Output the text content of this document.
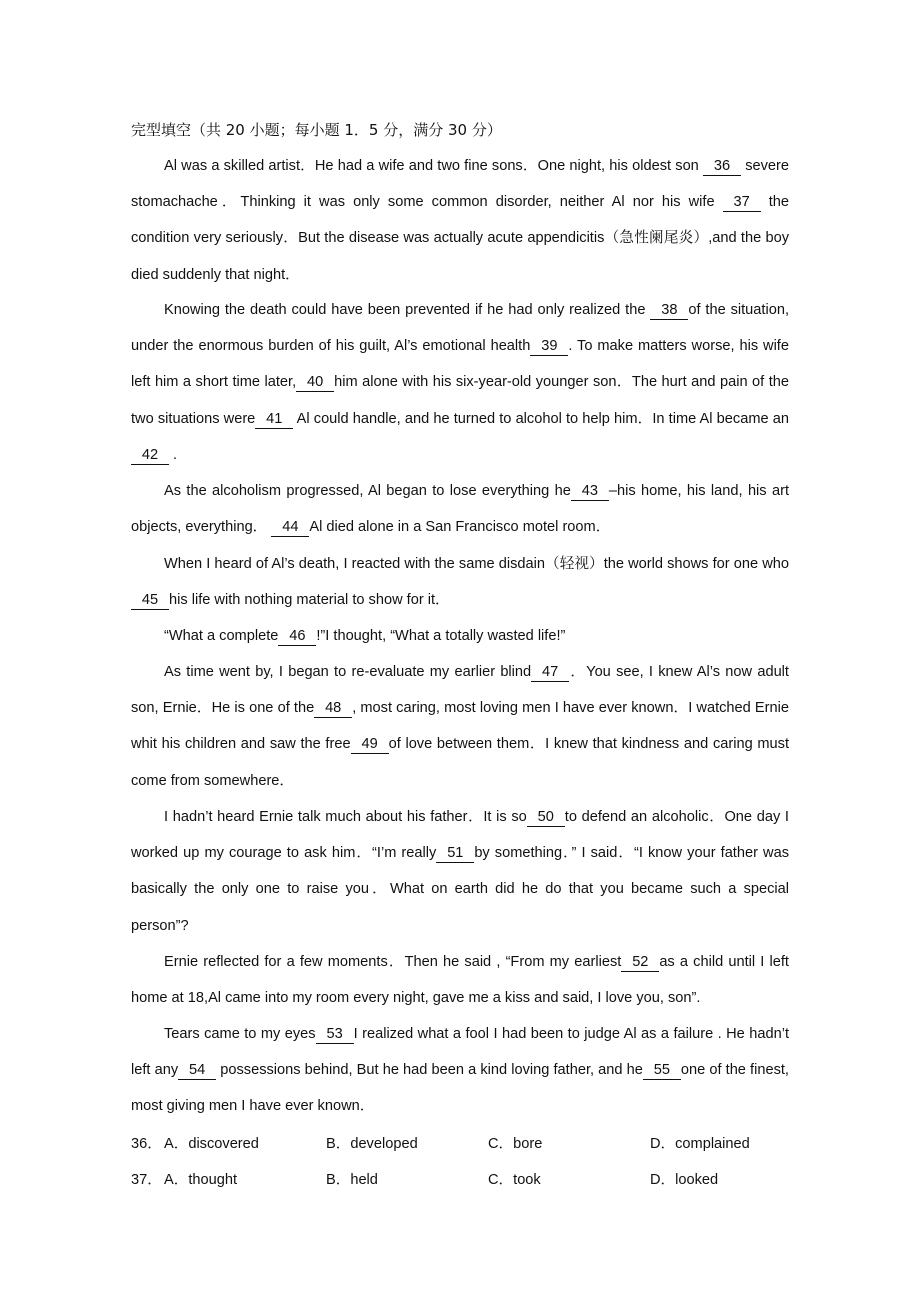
完型填空（共 20 小题；每小题 1．5 分，满分 30 分）

Al was a skilled artist．He had a wife and two fine sons．One night, his oldest son 36 severe stomachache．Thinking it was only some common disorder, neither Al nor his wife 37 the condition very seriously．But the disease was actually acute appendicitis（急性阑尾炎）,and the boy died suddenly that night．

Knowing the death could have been prevented if he had only realized the 38 of the situation, under the enormous burden of his guilt, Al’s emotional health 39 . To make matters worse, his wife left him a short time later, 40 him alone with his six-year-old younger son．The hurt and pain of the two situations were 41 Al could handle, and he turned to alcohol to help him．In time Al became an42 .

As the alcoholism progressed, Al began to lose everything he 43 –his home, his land, his art objects, everything． 44 Al died alone in a San Francisco motel room．

When I heard of Al’s death, I reacted with the same disdain（轻视）the world shows for one who45 his life with nothing material to show for it．

“What a complete 46 !”I thought, “What a totally wasted life!”

As time went by, I began to re-evaluate my earlier blind 47 ．You see, I knew Al’s now adult son, Ernie．He is one of the 48 , most caring, most loving men I have ever known．I watched Ernie whit his children and saw the free 49 of love between them．I knew that kindness and caring must come from somewhere．

I hadn’t heard Ernie talk much about his father．It is so 50 to defend an alcoholic．One day I worked up my courage to ask him．“I’m really 51 by something．” I said．“I know your father was basically the only one to raise you．What on earth did he do that you became such a special person”?

Ernie reflected for a few moments．Then he said , “From my earliest 52 as a child until I left home at 18,Al came into my room every night, gave me a kiss and said, I love you, son”.

Tears came to my eyes 53 I realized what a fool I had been to judge Al as a failure . He hadn’t left any 54 possessions behind, But he had been a kind loving father, and he 55 one of the finest, most giving men I have ever known．

36． A．discovered	B．developed	C．bore	D．complained
37． A．thought	B．held	C．took	D．looked
